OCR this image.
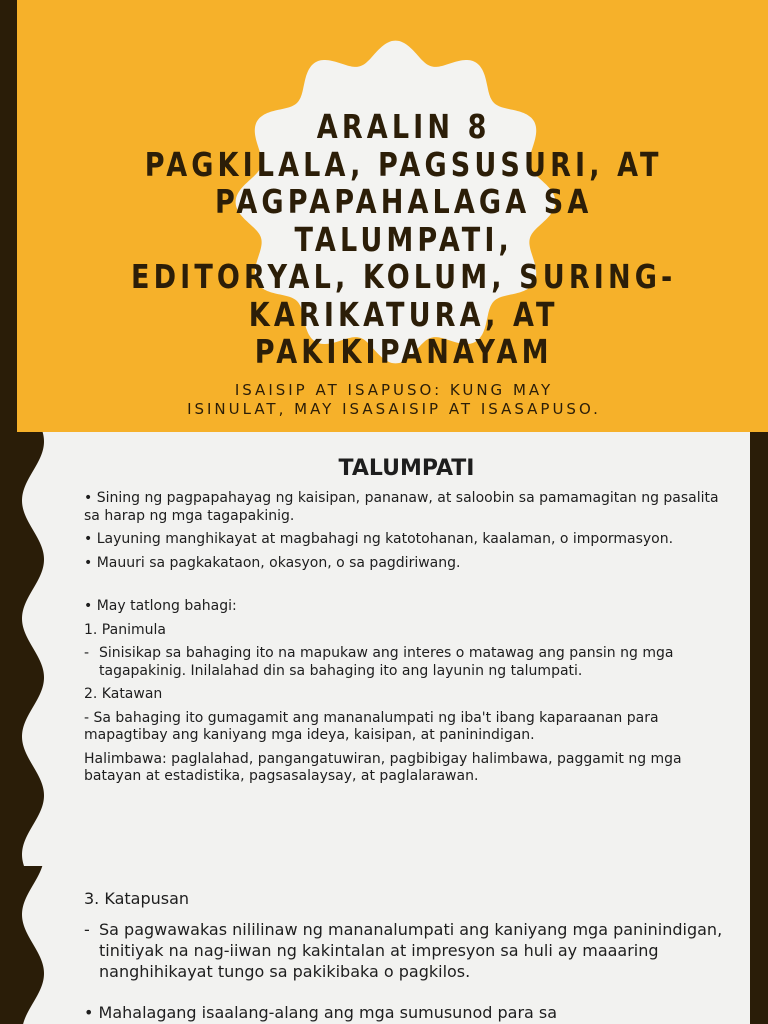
ARALIN 8
PAGKILALA, PAGSUSURI, AT
PAGPAPAHALAGA SA TALUMPATI,
EDITORYAL, KOLUM, SURING-
KARIKATURA, AT PAKIKIPANAYAM
ISAISIP AT ISAPUSO: KUNG MAY
ISINULAT, MAY ISASAISIP AT ISASAPUSO.
TALUMPATI

• Sining ng pagpapahayag ng kaisipan, pananaw, at saloobin sa pamamagitan ng pasalita sa harap ng mga tagapakinig.

• Layuning manghikayat at magbahagi ng katotohanan, kaalaman, o impormasyon.

• Mauuri sa pagkakataon, okasyon, o sa pagdiriwang.

• May tatlong bahagi:

1. Panimula

- Sinisikap sa bahaging ito na mapukaw ang interes o matawag ang pansin ng mga tagapakinig. Inilalahad din sa bahaging ito ang layunin ng talumpati.

2. Katawan

- Sa bahaging ito gumagamit ang mananalumpati ng iba't ibang kaparaanan para mapagtibay ang kaniyang mga ideya, kaisipan, at paninindigan.

Halimbawa: paglalahad, pangangatuwiran, pagbibigay halimbawa, paggamit ng mga batayan at estadistika, pagsasalaysay, at paglalarawan.

3. Katapusan

- Sa pagwawakas nililinaw ng mananalumpati ang kaniyang mga paninindigan, tinitiyak na nag-iiwan ng kakintalan at impresyon sa huli ay maaaring nanghihikayat tungo sa pakikibaka o pagkilos.

• Mahalagang isaalang-alang ang mga sumusunod para sa
